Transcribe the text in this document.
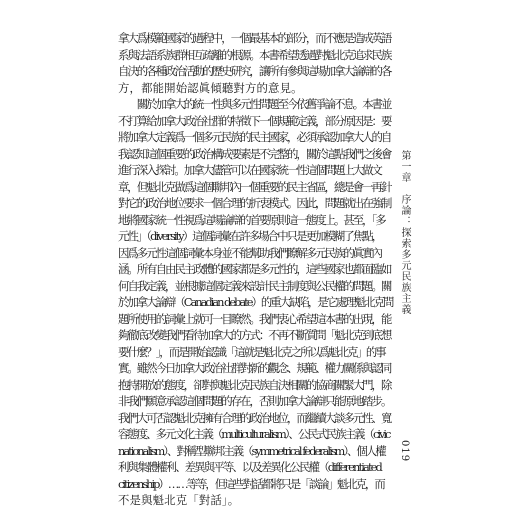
拿大爲模範國家的過程中，一個最基本的部分，而不應是造成英語
系與法語系族群相互疏離的根源。本書希望透過對魁北克追求民族
自決的各種政治活動的歷史研究，讓所有參與這場加拿大論辯的各
方，都能開始認眞傾聽對方的意見。
　　關於加拿大的統一性與多元性問題至今依舊爭論不息。本書並
不打算給加拿大政治社群的特徵下一個規範定義，部分原因是：要
將加拿大定義爲一個多元民族的民主國家，必須承認加拿大人的自
我認知這個重要的政治構成要素是不完整的，關於這點我們之後會
進行深入探討。加拿大儘管可以在國家統一性這個問題上大做文
章，但魁北克做爲這個聯邦內一個重要的民主省區，總是會一再針
對它的政治地位要求一個合理的折衷模式。因此，問題就出在強制
地將國家統一性視爲這場論辯的首要原則這一態度上。甚至，「多
元性」（diversity）這個詞彙在許多場合中只是更加模糊了焦點，
因爲多元性這個詞彙本身並不能幫助我們瞭解多元民族的眞實內
涵。所有自由民主政體的國家都是多元性的，這些國家也都面臨如
何自我定義，並根據這個定義來設計民主制度與公民權的問題。關
於加拿大論辯（Canadian debate）的重大缺陷，是它處理魁北克問
題所使用的詞彙上就可一目瞭然。我們衷心希望這本書的出現，能
夠徹底改變我們看待加拿大的方式：不再不斷質問「魁北克到底想
要什麼？」，而是開始認識「這就是魁北克之所以爲魁北克」的事
實。雖然今日加拿大政治社群對新的觀念、規範、權力關係與認同
抱持開放的態度，卻對與魁北克民族自決相關的協商關緊大門，除
非我們願意承認這個問題的存在，否則加拿大論辯只能原地踏步。
我們大可否認魁北克擁有合理的政治地位，而繼續大談多元性、寬
容態度、多元文化主義（multiculturalism）、公民式民族主義（civic
nationalism）、對稱型聯邦主義（symmetrical federalism）、個人權
利與集體權利、差異與平等、以及差異化公民權（differentiated
citizenship）……等等，但這些對話都將只是「談論」魁北克，而
不是與魁北克「對話」。
第一章　序論：探索多元民族主義
019
